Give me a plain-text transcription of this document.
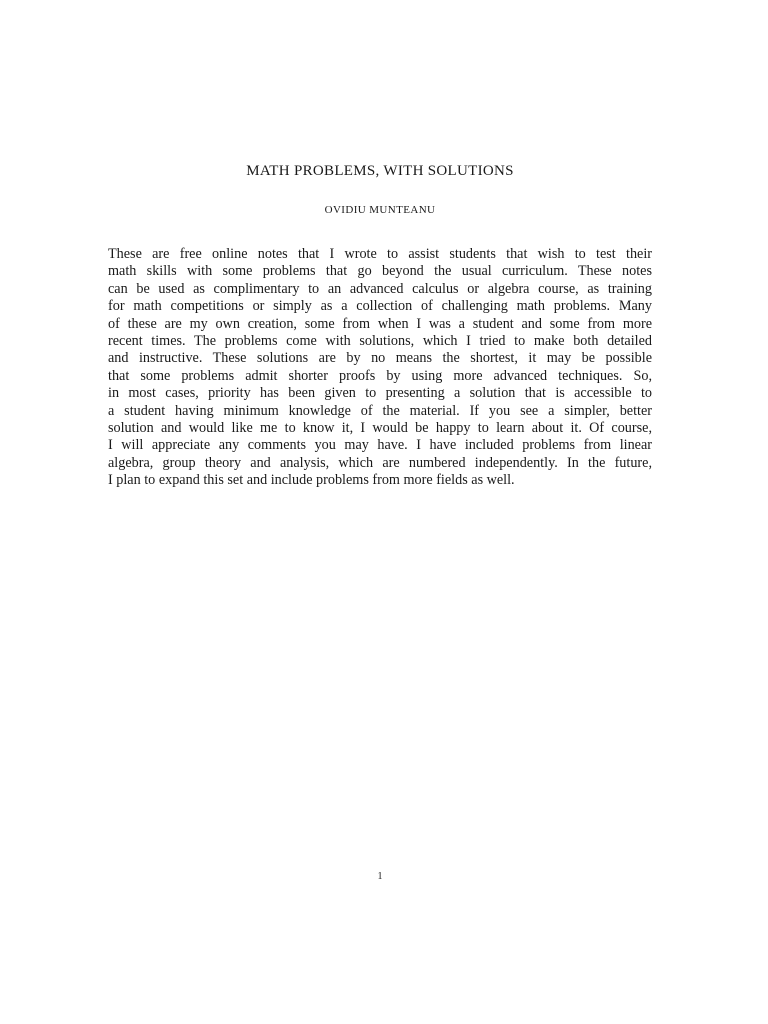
MATH PROBLEMS, WITH SOLUTIONS
OVIDIU MUNTEANU
These are free online notes that I wrote to assist students that wish to test their
math skills with some problems that go beyond the usual curriculum. These notes
can be used as complimentary to an advanced calculus or algebra course, as training
for math competitions or simply as a collection of challenging math problems. Many
of these are my own creation, some from when I was a student and some from more
recent times. The problems come with solutions, which I tried to make both detailed
and instructive. These solutions are by no means the shortest, it may be possible
that some problems admit shorter proofs by using more advanced techniques. So,
in most cases, priority has been given to presenting a solution that is accessible to
a student having minimum knowledge of the material. If you see a simpler, better
solution and would like me to know it, I would be happy to learn about it. Of course,
I will appreciate any comments you may have. I have included problems from linear
algebra, group theory and analysis, which are numbered independently. In the future,
I plan to expand this set and include problems from more fields as well.
1
